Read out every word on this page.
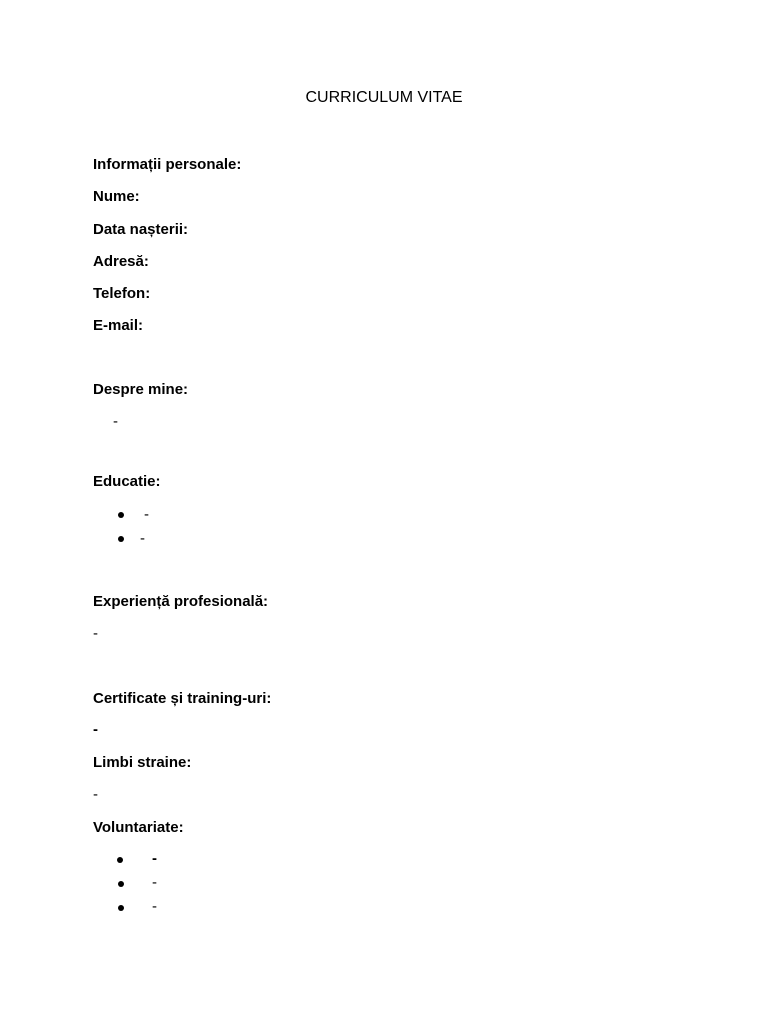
CURRICULUM VITAE
Informații personale:
Nume:
Data nașterii:
Adresă:
Telefon:
E-mail:
Despre mine:
-
Educatie:
-
-
Experiență profesională:
-
Certificate și training-uri:
-
Limbi straine:
-
Voluntariate:
-
-
-
